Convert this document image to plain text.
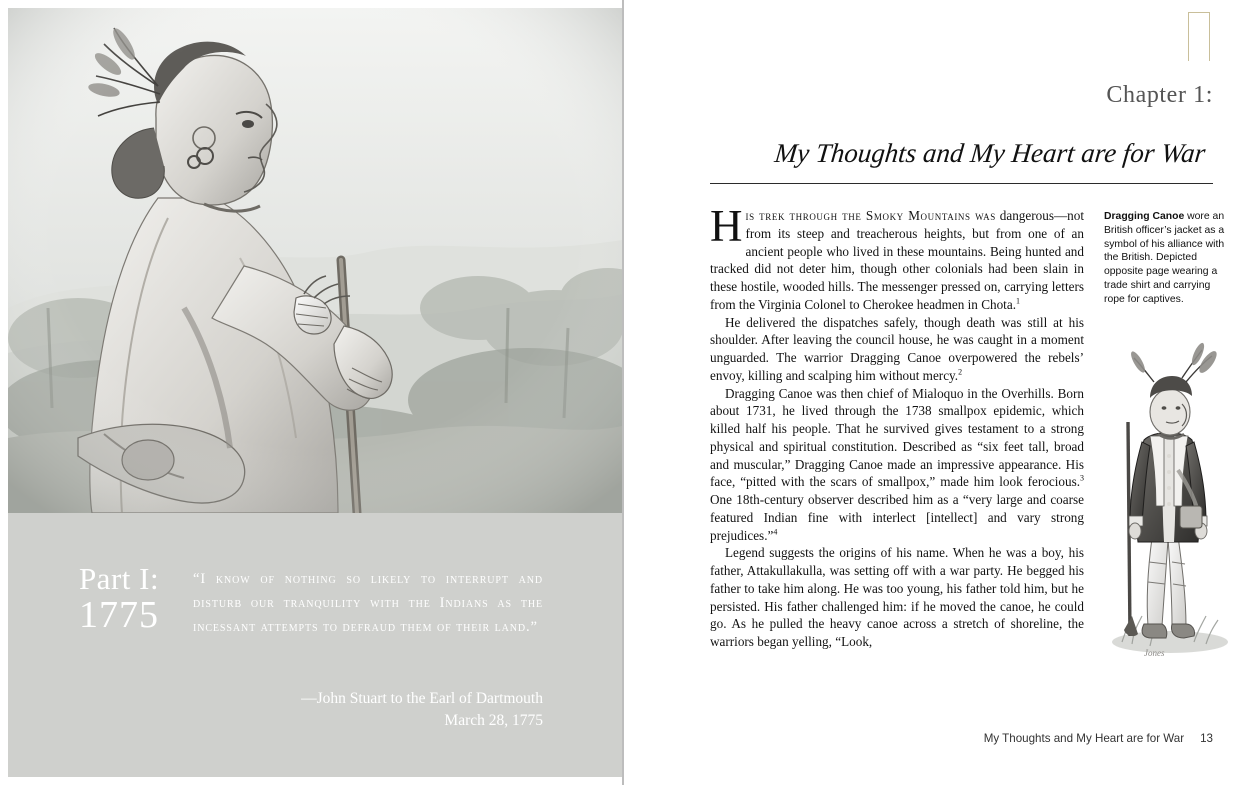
Part I:
1775
“I know of nothing so likely to interrupt and disturb our tranquility with the Indians as the incessant attempts to defraud them of their land.”
—John Stuart to the Earl of Dartmouth
March 28, 1775
Chapter 1:
My Thoughts and My Heart are for War

His trek through the Smoky Mountains was dangerous—not from its steep and treacherous heights, but from one of an ancient people who lived in these mountains. Being hunted and tracked did not deter him, though other colonials had been slain in these hostile, wooded hills. The messenger pressed on, carrying letters from the Virginia Colonel to Cherokee headmen in Chota.$^1$

He delivered the dispatches safely, though death was still at his shoulder. After leaving the council house, he was caught in a moment unguarded. The warrior Dragging Canoe overpowered the rebels’ envoy, killing and scalping him without mercy.$^2$

Dragging Canoe was then chief of Mialoquo in the Overhills. Born about 1731, he lived through the 1738 smallpox epidemic, which killed half his people. That he survived gives testament to a strong physical and spiritual constitution. Described as “six feet tall, broad and muscular,” Dragging Canoe made an impressive appearance. His face, “pitted with the scars of smallpox,” made him look ferocious.$^3$ One 18th-century observer described him as a “very large and coarse featured Indian fine with interlect [intellect] and vary strong prejudices.”$^4$

Legend suggests the origins of his name. When he was a boy, his father, Attakullakulla, was setting off with a war party. He begged his father to take him along. He was too young, his father told him, but he persisted. His father challenged him: if he moved the canoe, he could go. As he pulled the heavy canoe across a stretch of shoreline, the warriors began yelling, “Look,

Dragging Canoe wore an British officer’s jacket as a symbol of his alliance with the British. Depicted opposite page wearing a trade shirt and carrying rope for captives.
Jones
My Thoughts and My Heart are for War 13
